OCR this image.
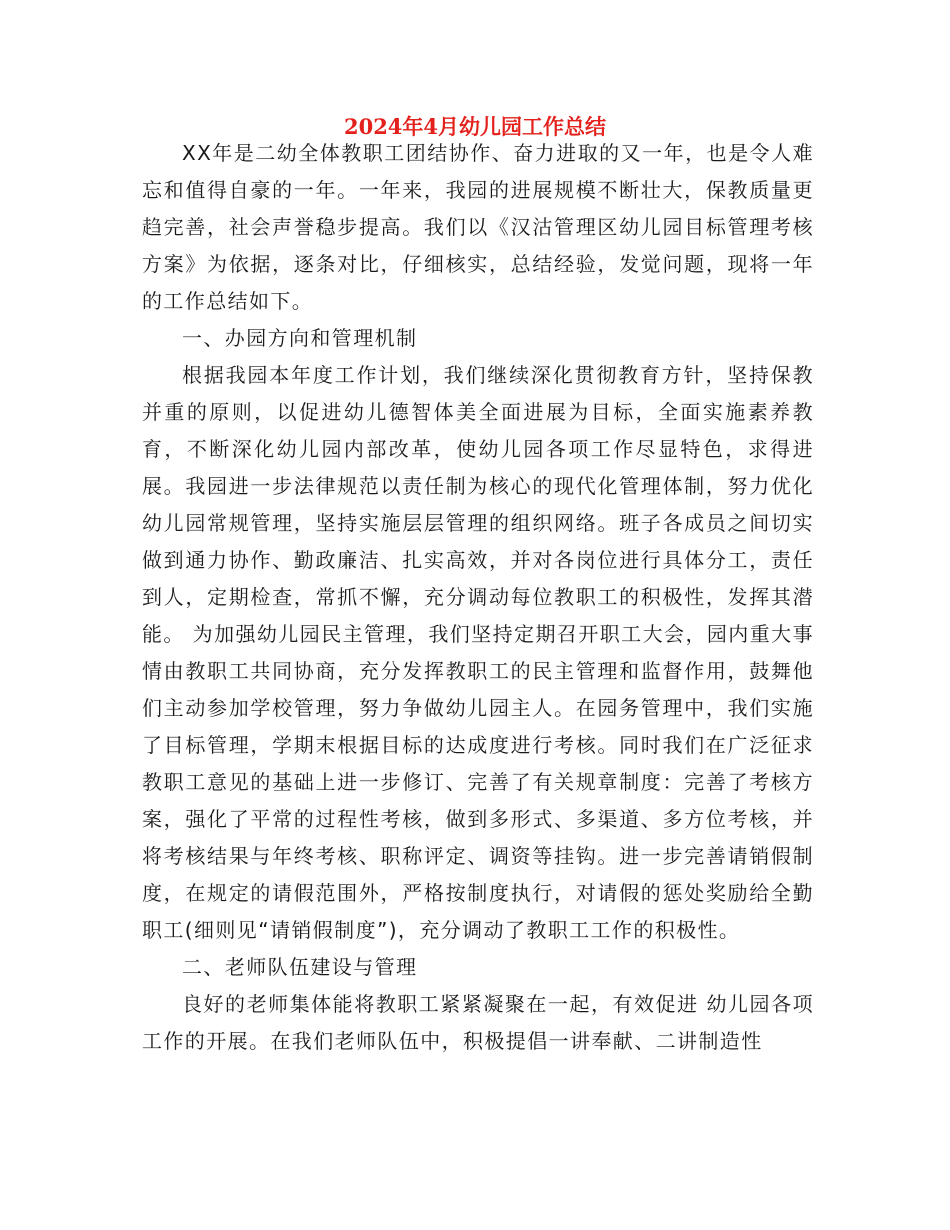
2024年4月幼儿园工作总结

XX年是二幼全体教职工团结协作、奋力进取的又一年，也是令人难忘和值得自豪的一年。一年来，我园的进展规模不断壮大，保教质量更趋完善，社会声誉稳步提高。我们以《汉沽管理区幼儿园目标管理考核方案》为依据，逐条对比，仔细核实，总结经验，发觉问题，现将一年的工作总结如下。

一、办园方向和管理机制

根据我园本年度工作计划，我们继续深化贯彻教育方针，坚持保教并重的原则，以促进幼儿德智体美全面进展为目标，全面实施素养教育，不断深化幼儿园内部改革，使幼儿园各项工作尽显特色，求得进展。我园进一步法律规范以责任制为核心的现代化管理体制，努力优化幼儿园常规管理，坚持实施层层管理的组织网络。班子各成员之间切实做到通力协作、勤政廉洁、扎实高效，并对各岗位进行具体分工，责任到人，定期检查，常抓不懈，充分调动每位教职工的积极性，发挥其潜能。 为加强幼儿园民主管理，我们坚持定期召开职工大会，园内重大事情由教职工共同协商，充分发挥教职工的民主管理和监督作用，鼓舞他们主动参加学校管理，努力争做幼儿园主人。在园务管理中，我们实施了目标管理，学期末根据目标的达成度进行考核。同时我们在广泛征求教职工意见的基础上进一步修订、完善了有关规章制度：完善了考核方案，强化了平常的过程性考核，做到多形式、多渠道、多方位考核，并将考核结果与年终考核、职称评定、调资等挂钩。进一步完善请销假制度，在规定的请假范围外，严格按制度执行，对请假的惩处奖励给全勤职工(细则见“请销假制度”)，充分调动了教职工工作的积极性。

二、老师队伍建设与管理

良好的老师集体能将教职工紧紧凝聚在一起，有效促进 幼儿园各项工作的开展。在我们老师队伍中，积极提倡一讲奉献、二讲制造性
